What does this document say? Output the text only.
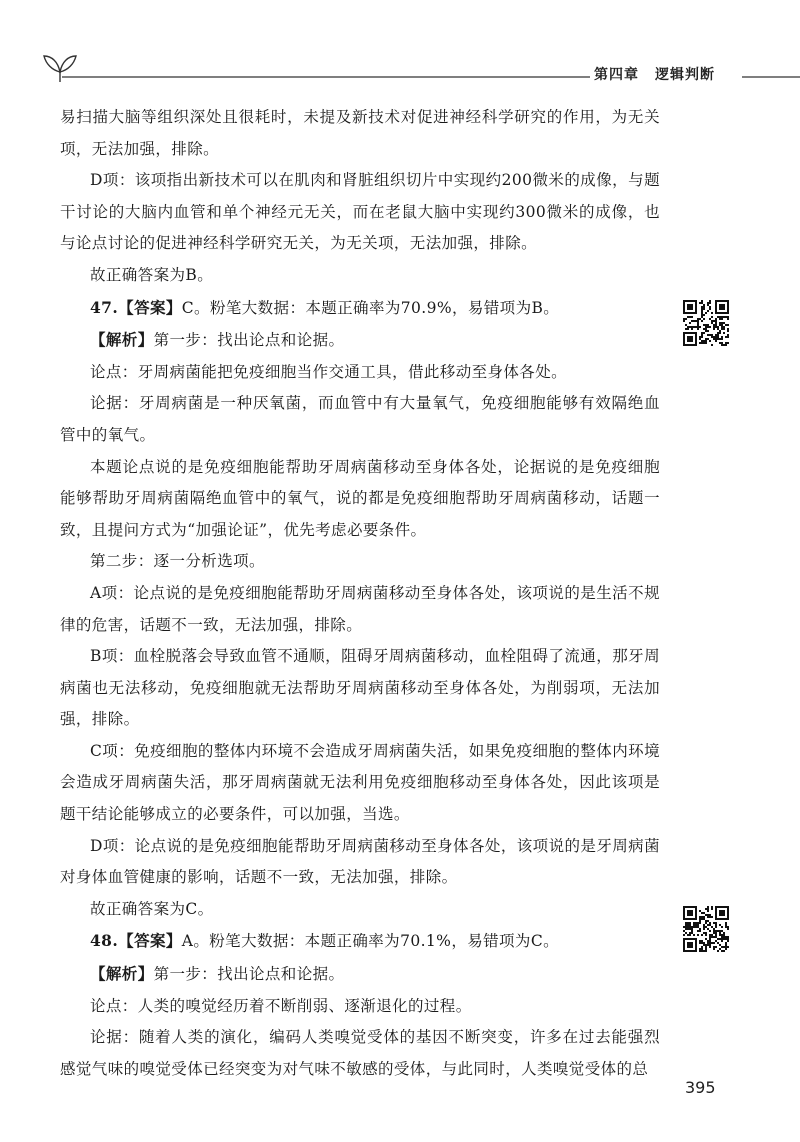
第四章 逻辑判断

易扫描大脑等组织深处且很耗时，未提及新技术对促进神经科学研究的作用，为无关项，无法加强，排除。

D项：该项指出新技术可以在肌肉和肾脏组织切片中实现约200微米的成像，与题干讨论的大脑内血管和单个神经元无关，而在老鼠大脑中实现约300微米的成像，也与论点讨论的促进神经科学研究无关，为无关项，无法加强，排除。

故正确答案为B。

47.【答案】C。粉笔大数据：本题正确率为70.9%，易错项为B。

【解析】第一步：找出论点和论据。

论点：牙周病菌能把免疫细胞当作交通工具，借此移动至身体各处。

论据：牙周病菌是一种厌氧菌，而血管中有大量氧气，免疫细胞能够有效隔绝血管中的氧气。

本题论点说的是免疫细胞能帮助牙周病菌移动至身体各处，论据说的是免疫细胞能够帮助牙周病菌隔绝血管中的氧气，说的都是免疫细胞帮助牙周病菌移动，话题一致，且提问方式为“加强论证”，优先考虑必要条件。

第二步：逐一分析选项。

A项：论点说的是免疫细胞能帮助牙周病菌移动至身体各处，该项说的是生活不规律的危害，话题不一致，无法加强，排除。

B项：血栓脱落会导致血管不通顺，阻碍牙周病菌移动，血栓阻碍了流通，那牙周病菌也无法移动，免疫细胞就无法帮助牙周病菌移动至身体各处，为削弱项，无法加强，排除。

C项：免疫细胞的整体内环境不会造成牙周病菌失活，如果免疫细胞的整体内环境会造成牙周病菌失活，那牙周病菌就无法利用免疫细胞移动至身体各处，因此该项是题干结论能够成立的必要条件，可以加强，当选。

D项：论点说的是免疫细胞能帮助牙周病菌移动至身体各处，该项说的是牙周病菌对身体血管健康的影响，话题不一致，无法加强，排除。

故正确答案为C。

48.【答案】A。粉笔大数据：本题正确率为70.1%，易错项为C。

【解析】第一步：找出论点和论据。

论点：人类的嗅觉经历着不断削弱、逐渐退化的过程。

论据：随着人类的演化，编码人类嗅觉受体的基因不断突变，许多在过去能强烈感觉气味的嗅觉受体已经突变为对气味不敏感的受体，与此同时，人类嗅觉受体的总

395
